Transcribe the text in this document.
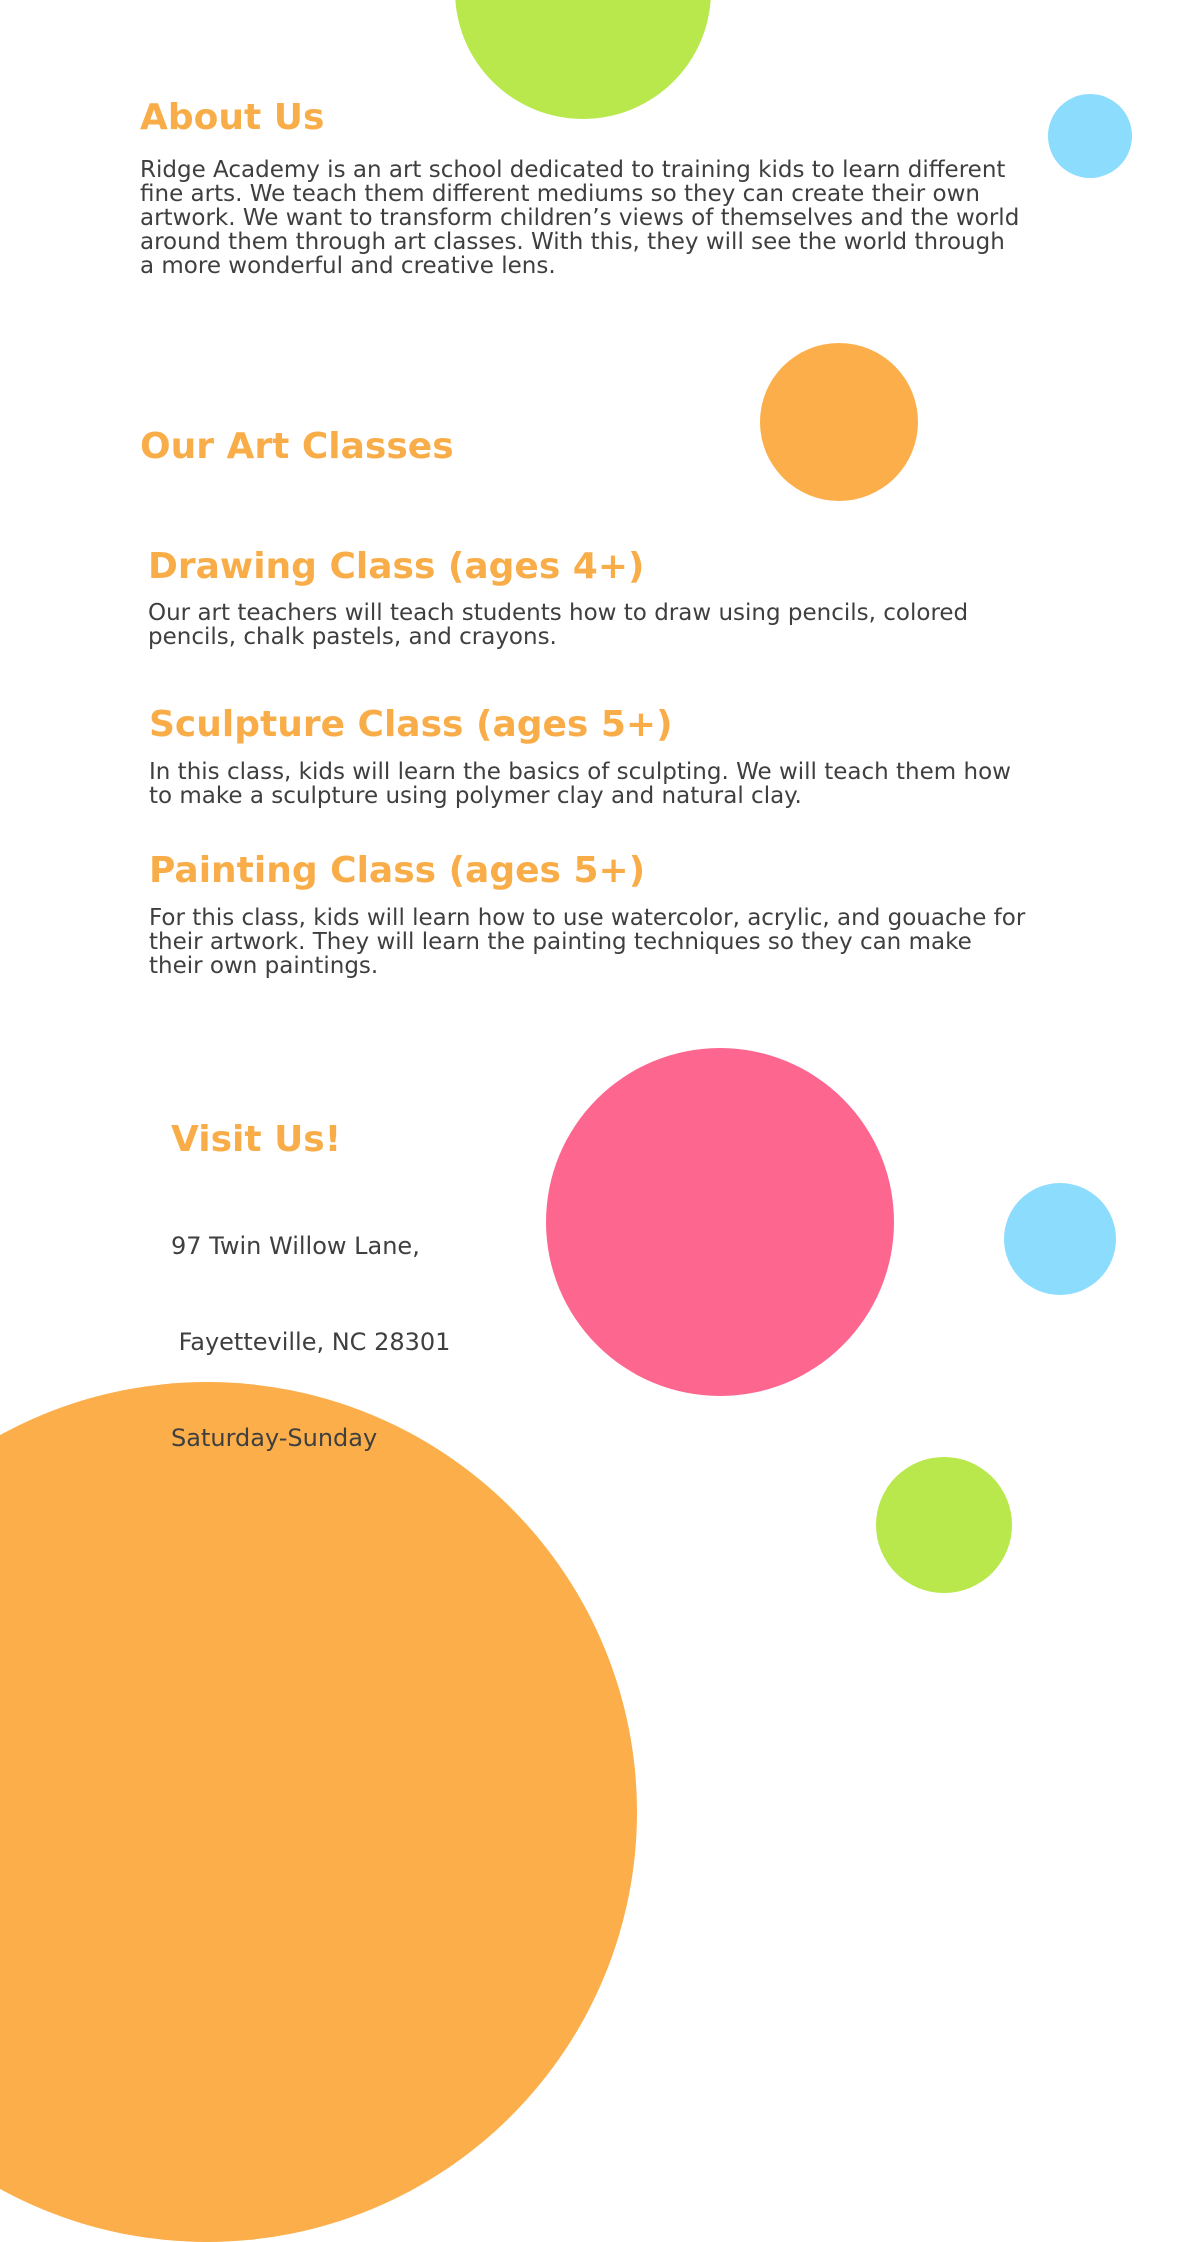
About Us

Ridge Academy is an art school dedicated to training kids to learn different fine arts. We teach them different mediums so they can create their own artwork. We want to transform children’s views of themselves and the world around them through art classes. With this, they will see the world through a more wonderful and creative lens.

Our Art Classes
Drawing Class (ages 4+)

Our art teachers will teach students how to draw using pencils, colored pencils, chalk pastels, and crayons.

Sculpture Class (ages 5+)

In this class, kids will learn the basics of sculpting. We will teach them how to make a sculpture using polymer clay and natural clay.

Painting Class (ages 5+)

For this class, kids will learn how to use watercolor, acrylic, and gouache for their artwork. They will learn the painting techniques so they can make their own paintings.

Visit Us!

97 Twin Willow Lane,

Fayetteville, NC 28301

Saturday-Sunday
